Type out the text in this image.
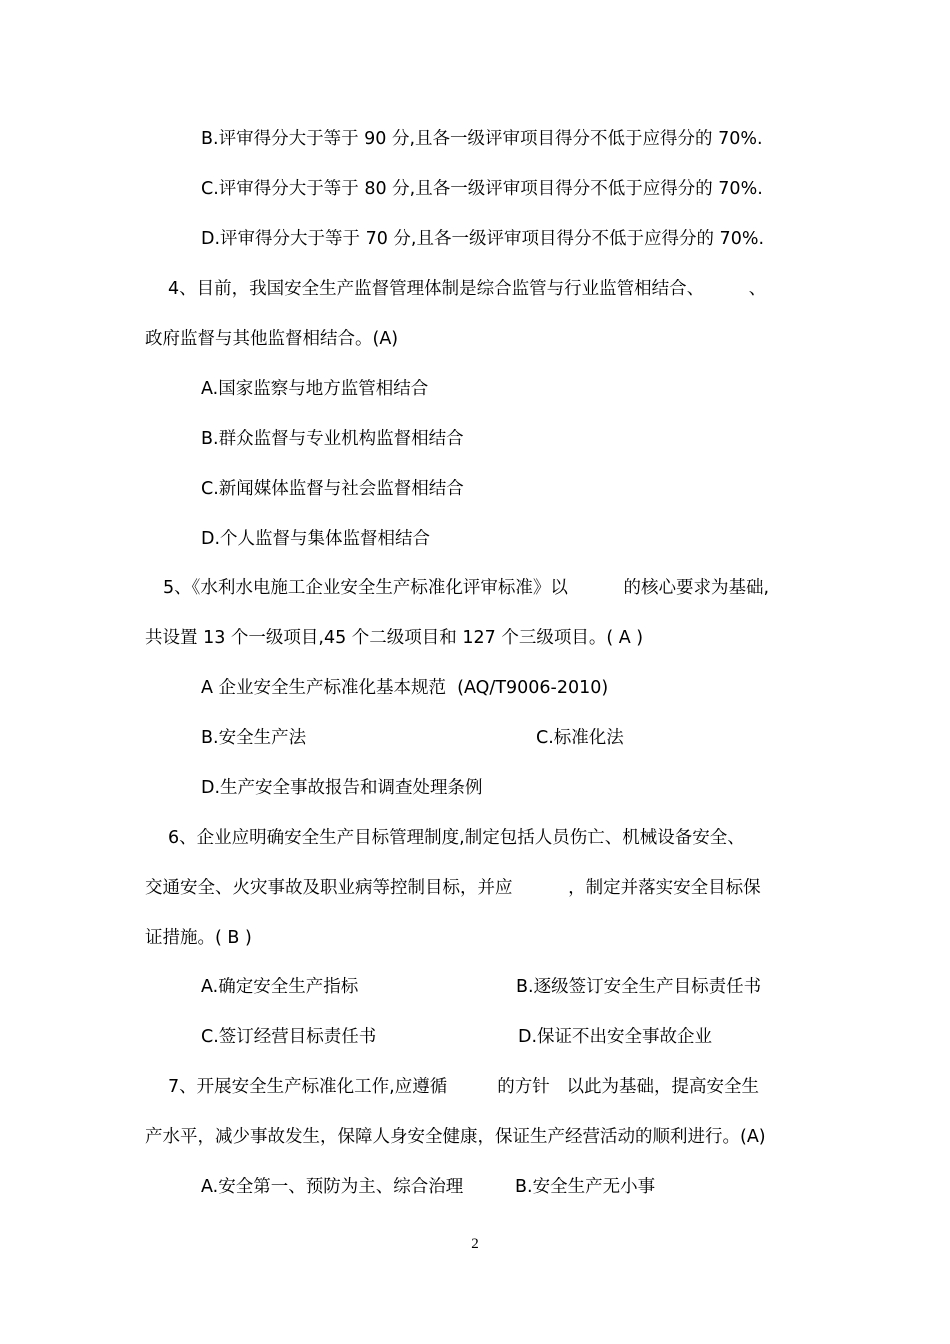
B.评审得分大于等于 90 分,且各一级评审项目得分不低于应得分的 70%.
C.评审得分大于等于 80 分,且各一级评审项目得分不低于应得分的 70%.
D.评审得分大于等于 70 分,且各一级评审项目得分不低于应得分的 70%.
4、目前，我国安全生产监督管理体制是综合监管与行业监管相结合、        、
政府监督与其他监督相结合。(A)
A.国家监察与地方监管相结合
B.群众监督与专业机构监督相结合
C.新闻媒体监督与社会监督相结合
D.个人监督与集体监督相结合
5、《水利水电施工企业安全生产标准化评审标准》以          的核心要求为基础,
共设置 13 个一级项目,45 个二级项目和 127 个三级项目。( A )
A 企业安全生产标准化基本规范  (AQ/T9006-2010)
B.安全生产法	C.标准化法
D.生产安全事故报告和调查处理条例
6、企业应明确安全生产目标管理制度,制定包括人员伤亡、机械设备安全、
交通安全、火灾事故及职业病等控制目标，并应          ，制定并落实安全目标保
证措施。( B )
A.确定安全生产指标	B.逐级签订安全生产目标责任书
C.签订经营目标责任书	D.保证不出安全事故企业
7、开展安全生产标准化工作,应遵循         的方针   以此为基础，提高安全生
产水平，减少事故发生，保障人身安全健康，保证生产经营活动的顺利进行。(A)
A.安全第一、预防为主、综合治理	B.安全生产无小事
2
